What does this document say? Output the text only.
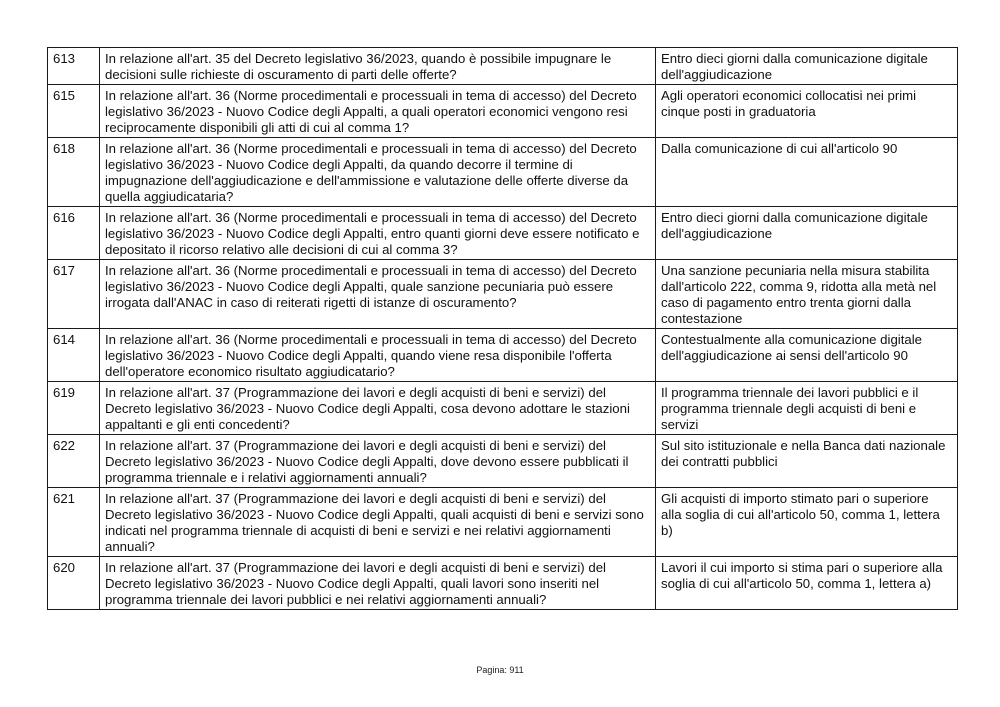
613	In relazione all'art. 35 del Decreto legislativo 36/2023, quando è possibile impugnare le decisioni sulle richieste di oscuramento di parti delle offerte?	Entro dieci giorni dalla comunicazione digitale dell'aggiudicazione
615	In relazione all'art. 36 (Norme procedimentali e processuali in tema di accesso) del Decreto legislativo 36/2023 - Nuovo Codice degli Appalti, a quali operatori economici vengono resi reciprocamente disponibili gli atti di cui al comma 1?	Agli operatori economici collocatisi nei primi cinque posti in graduatoria
618	In relazione all'art. 36 (Norme procedimentali e processuali in tema di accesso) del Decreto legislativo 36/2023 - Nuovo Codice degli Appalti, da quando decorre il termine di impugnazione dell'aggiudicazione e dell'ammissione e valutazione delle offerte diverse da quella aggiudicataria?	Dalla comunicazione di cui all'articolo 90
616	In relazione all'art. 36 (Norme procedimentali e processuali in tema di accesso) del Decreto legislativo 36/2023 - Nuovo Codice degli Appalti, entro quanti giorni deve essere notificato e depositato il ricorso relativo alle decisioni di cui al comma 3?	Entro dieci giorni dalla comunicazione digitale dell'aggiudicazione
617	In relazione all'art. 36 (Norme procedimentali e processuali in tema di accesso) del Decreto legislativo 36/2023 - Nuovo Codice degli Appalti, quale sanzione pecuniaria può essere irrogata dall'ANAC in caso di reiterati rigetti di istanze di oscuramento?	Una sanzione pecuniaria nella misura stabilita dall'articolo 222, comma 9, ridotta alla metà nel caso di pagamento entro trenta giorni dalla contestazione
614	In relazione all'art. 36 (Norme procedimentali e processuali in tema di accesso) del Decreto legislativo 36/2023 - Nuovo Codice degli Appalti, quando viene resa disponibile l'offerta dell'operatore economico risultato aggiudicatario?	Contestualmente alla comunicazione digitale dell'aggiudicazione ai sensi dell'articolo 90
619	In relazione all'art. 37 (Programmazione dei lavori e degli acquisti di beni e servizi) del Decreto legislativo 36/2023 - Nuovo Codice degli Appalti, cosa devono adottare le stazioni appaltanti e gli enti concedenti?	Il programma triennale dei lavori pubblici e il programma triennale degli acquisti di beni e servizi
622	In relazione all'art. 37 (Programmazione dei lavori e degli acquisti di beni e servizi) del Decreto legislativo 36/2023 - Nuovo Codice degli Appalti, dove devono essere pubblicati il programma triennale e i relativi aggiornamenti annuali?	Sul sito istituzionale e nella Banca dati nazionale dei contratti pubblici
621	In relazione all'art. 37 (Programmazione dei lavori e degli acquisti di beni e servizi) del Decreto legislativo 36/2023 - Nuovo Codice degli Appalti, quali acquisti di beni e servizi sono indicati nel programma triennale di acquisti di beni e servizi e nei relativi aggiornamenti annuali?	Gli acquisti di importo stimato pari o superiore alla soglia di cui all'articolo 50, comma 1, lettera b)
620	In relazione all'art. 37 (Programmazione dei lavori e degli acquisti di beni e servizi) del Decreto legislativo 36/2023 - Nuovo Codice degli Appalti, quali lavori sono inseriti nel programma triennale dei lavori pubblici e nei relativi aggiornamenti annuali?	Lavori il cui importo si stima pari o superiore alla soglia di cui all'articolo 50, comma 1, lettera a)
Pagina: 911
